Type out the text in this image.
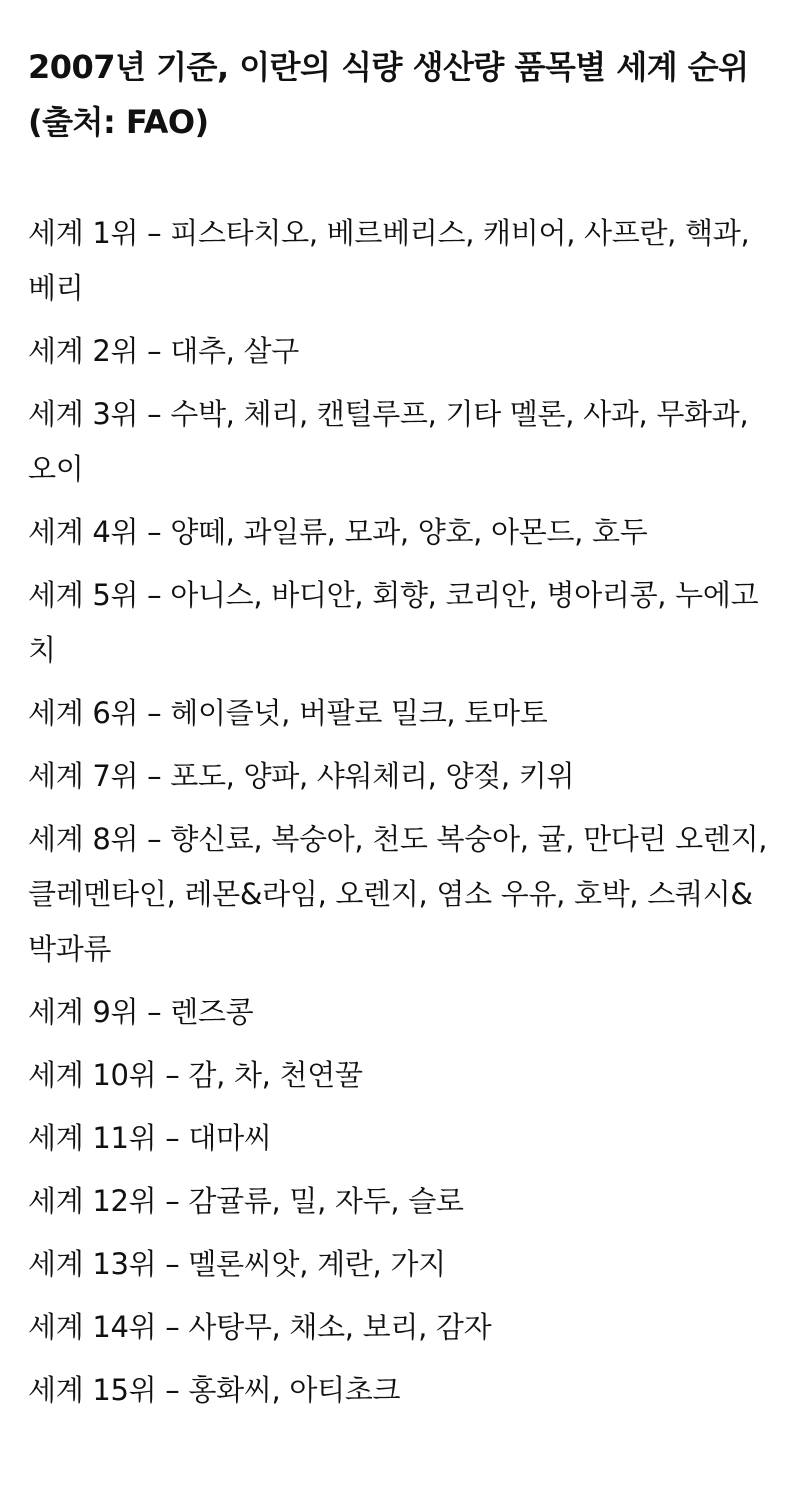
2007년 기준, 이란의 식량 생산량 품목별 세계 순위 (출처: FAO)
세계 1위 – 피스타치오, 베르베리스, 캐비어, 사프란, 핵과, 베리
세계 2위 – 대추, 살구
세계 3위 – 수박, 체리, 캔털루프, 기타 멜론, 사과, 무화과, 오이
세계 4위 – 양떼, 과일류, 모과, 양호, 아몬드, 호두
세계 5위 – 아니스, 바디안, 회향, 코리안, 병아리콩, 누에고치
세계 6위 – 헤이즐넛, 버팔로 밀크, 토마토
세계 7위 – 포도, 양파, 샤워체리, 양젖, 키위
세계 8위 – 향신료, 복숭아, 천도 복숭아, 귤, 만다린 오렌지, 클레멘타인, 레몬&라임, 오렌지, 염소 우유, 호박, 스쿼시&박과류
세계 9위 – 렌즈콩
세계 10위 – 감, 차, 천연꿀
세계 11위 – 대마씨
세계 12위 – 감귤류, 밀, 자두, 슬로
세계 13위 – 멜론씨앗, 계란, 가지
세계 14위 – 사탕무, 채소, 보리, 감자
세계 15위 – 홍화씨, 아티초크
